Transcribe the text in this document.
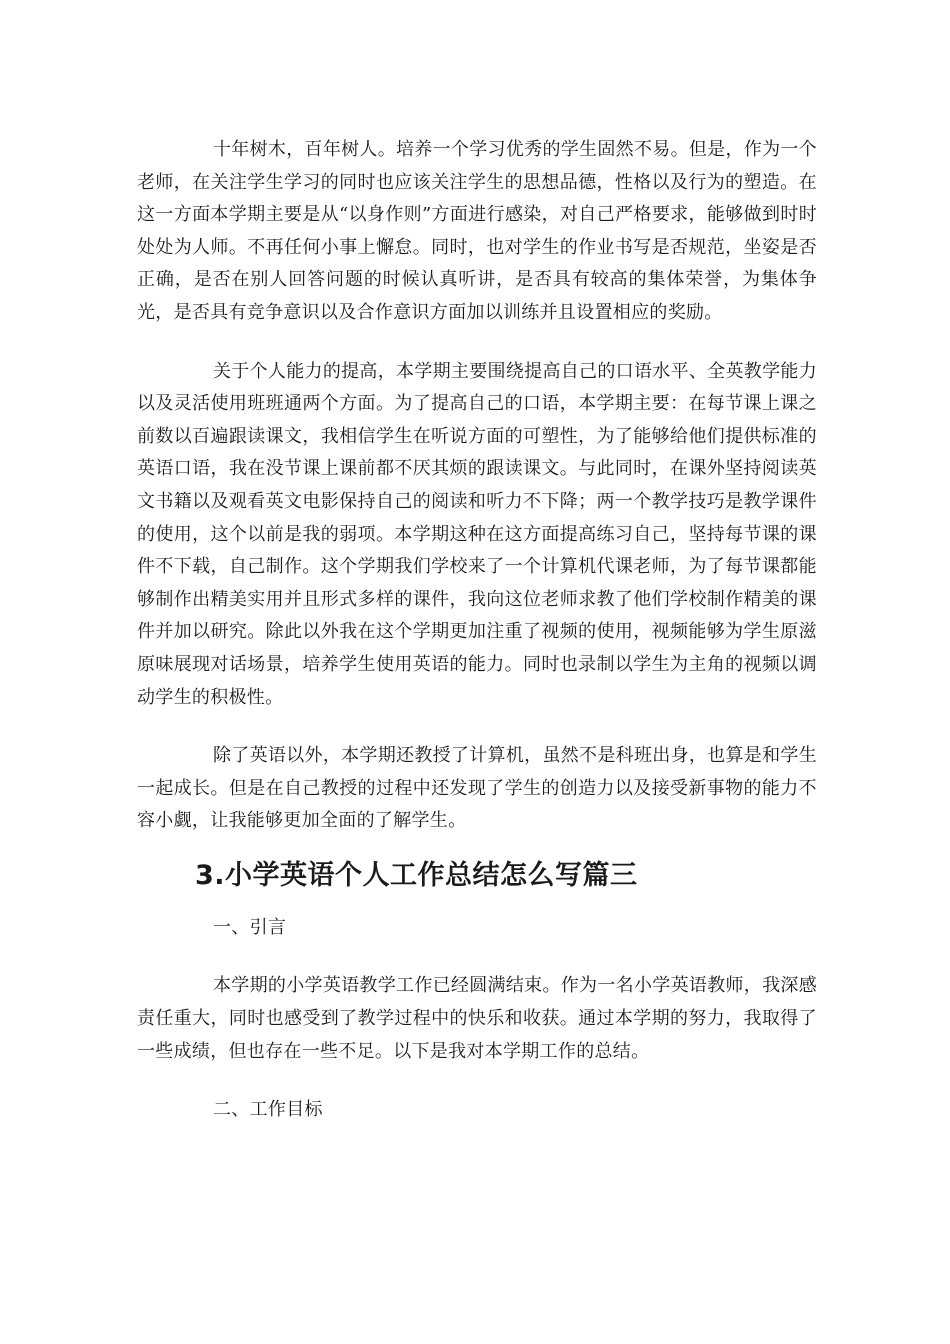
十年树木，百年树人。培养一个学习优秀的学生固然不易。但是，作为一个老师，在关注学生学习的同时也应该关注学生的思想品德，性格以及行为的塑造。在这一方面本学期主要是从“以身作则”方面进行感染，对自己严格要求，能够做到时时处处为人师。不再任何小事上懈怠。同时，也对学生的作业书写是否规范，坐姿是否正确，是否在别人回答问题的时候认真听讲，是否具有较高的集体荣誉，为集体争光，是否具有竞争意识以及合作意识方面加以训练并且设置相应的奖励。

关于个人能力的提高，本学期主要围绕提高自己的口语水平、全英教学能力以及灵活使用班班通两个方面。为了提高自己的口语，本学期主要：在每节课上课之前数以百遍跟读课文，我相信学生在听说方面的可塑性，为了能够给他们提供标准的英语口语，我在没节课上课前都不厌其烦的跟读课文。与此同时，在课外坚持阅读英文书籍以及观看英文电影保持自己的阅读和听力不下降；两一个教学技巧是教学课件的使用，这个以前是我的弱项。本学期这种在这方面提高练习自己，坚持每节课的课件不下载，自己制作。这个学期我们学校来了一个计算机代课老师，为了每节课都能够制作出精美实用并且形式多样的课件，我向这位老师求教了他们学校制作精美的课件并加以研究。除此以外我在这个学期更加注重了视频的使用，视频能够为学生原滋原味展现对话场景，培养学生使用英语的能力。同时也录制以学生为主角的视频以调动学生的积极性。

除了英语以外，本学期还教授了计算机，虽然不是科班出身，也算是和学生一起成长。但是在自己教授的过程中还发现了学生的创造力以及接受新事物的能力不容小觑，让我能够更加全面的了解学生。

3.小学英语个人工作总结怎么写篇三

一、引言

本学期的小学英语教学工作已经圆满结束。作为一名小学英语教师，我深感责任重大，同时也感受到了教学过程中的快乐和收获。通过本学期的努力，我取得了一些成绩，但也存在一些不足。以下是我对本学期工作的总结。

二、工作目标
